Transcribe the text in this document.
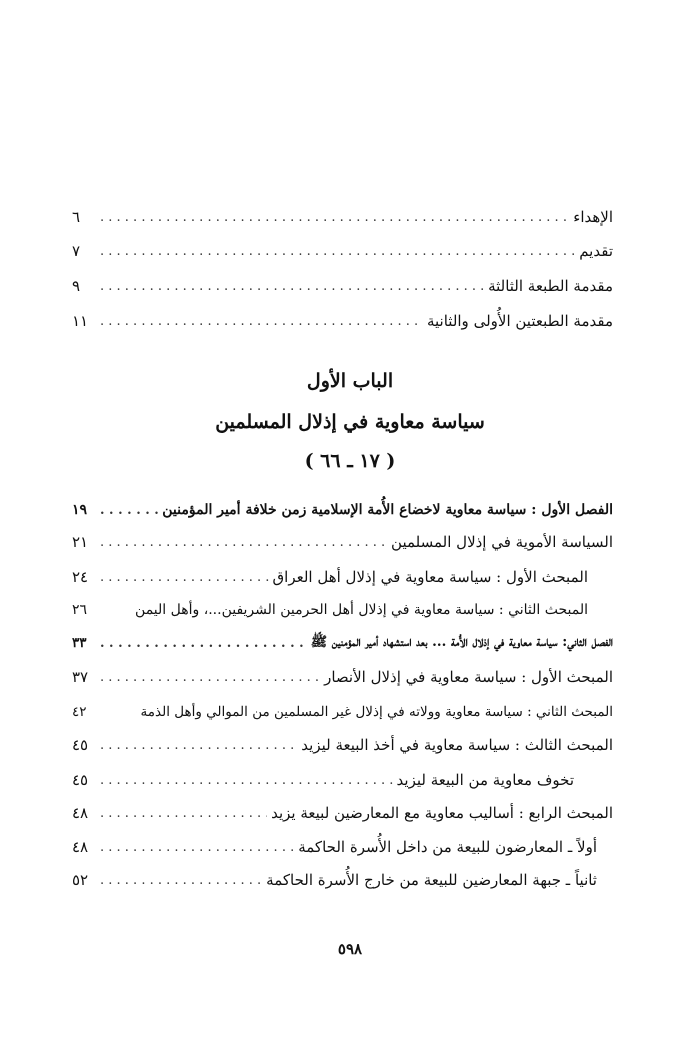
الإهداء
. . .
٦
تقديم
. . .
٧
مقدمة الطبعة الثالثة
. . .
٩
مقدمة الطبعتين الأُولى والثانية
. . .
١١
الباب الأول
سياسة معاوية في إذلال المسلمين
( ١٧ ـ ٦٦ )
الفصل الأول : سياسة معاوية لاخضاع الأُمة الإسلامية زمن خلافة أمير المؤمنين
. . .
١٩
السياسة الأموية في إذلال المسلمين
. . .
٢١
المبحث الأول : سياسة معاوية في إذلال أهل العراق
. . .
٢٤
المبحث الثاني : سياسة معاوية في إذلال أهل الحرمين الشريفين...، وأهل اليمن
٢٦
الفصل الثاني: سياسة معاوية في إذلال الأُمة ... بعد استشهاد أمير المؤمنين ﷺ
. . .
٣٣
المبحث الأول : سياسة معاوية في إذلال الأنصار
. . .
٣٧
المبحث الثاني : سياسة معاوية وولاته في إذلال غير المسلمين من الموالي وأهل الذمة
٤٢
المبحث الثالث : سياسة معاوية في أخذ البيعة ليزيد
. . .
٤٥
تخوف معاوية من البيعة ليزيد
. . .
٤٥
المبحث الرابع : أساليب معاوية مع المعارضين لبيعة يزيد
. . .
٤٨
أولاً ـ المعارضون للبيعة من داخل الأُسرة الحاكمة
. . .
٤٨
ثانياً ـ جبهة المعارضين للبيعة من خارج الأُسرة الحاكمة
. . .
٥٢
٥٩٨
